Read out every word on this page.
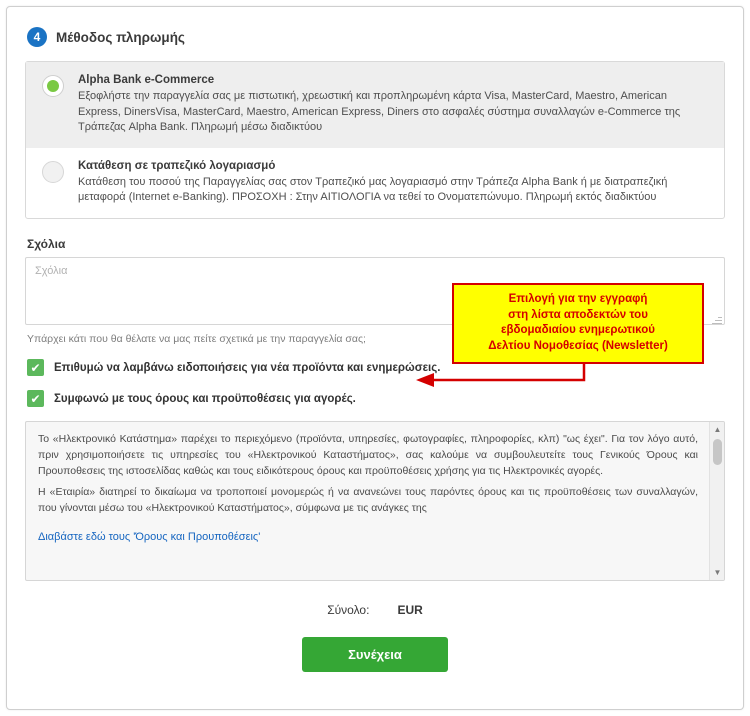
4	Μέθοδος πληρωμής
Alpha Bank e-Commerce
Εξοφλήστε την παραγγελία σας με πιστωτική, χρεωστική και προπληρωμένη κάρτα Visa, MasterCard, Maestro, American Express, DinersVisa, MasterCard, Maestro, American Express, Diners στο ασφαλές σύστημα συναλλαγών e-Commerce της Τράπεζας Alpha Bank. Πληρωμή μέσω διαδικτύου
Κατάθεση σε τραπεζικό λογαριασμό
Κατάθεση του ποσού της Παραγγελίας σας στον Τραπεζικό μας λογαριασμό στην Τράπεζα Alpha Bank ή με διατραπεζική μεταφορά (Internet e-Banking). ΠΡΟΣΟΧΗ : Στην ΑΙΤΙΟΛΟΓΙΑ να τεθεί το Ονοματεπώνυμο. Πληρωμή εκτός διαδικτύου
Σχόλια
Σχόλια
Υπάρχει κάτι που θα θέλατε να μας πείτε σχετικά με την παραγγελία σας;
✔	Επιθυμώ να λαμβάνω ειδοποιήσεις για νέα προϊόντα και ενημερώσεις.
✔	Συμφωνώ με τους όρους και προϋποθέσεις για αγορές.

Το «Ηλεκτρονικό Κατάστημα» παρέχει το περιεχόμενο (προϊόντα, υπηρεσίες, φωτογραφίες, πληροφορίες, κλπ) "ως έχει". Για τον λόγο αυτό, πριν χρησιμοποιήσετε τις υπηρεσίες του «Ηλεκτρονικού Καταστήματος», σας καλούμε να συμβουλευτείτε τους Γενικούς Όρους και Προυποθεσεις της ιστοσελίδας καθώς και τους ειδικότερους όρους και προϋποθέσεις χρήσης για τις Ηλεκτρονικές αγορές.

Η «Εταιρία» διατηρεί το δικαίωμα να τροποποιεί μονομερώς ή να ανανεώνει τους παρόντες όρους και τις προϋποθέσεις των συναλλαγών, που γίνονται μέσω του «Ηλεκτρονικού Καταστήματος», σύμφωνα με τις ανάγκες της

Διαβάστε εδώ τους 'Όρους και Προυποθέσεις'
▲
▼
Σύνολο: EUR
Συνέχεια
Επιλογή για την εγγραφή
στη λίστα αποδεκτών του
εβδομαδιαίου ενημερωτικού
Δελτίου Νομοθεσίας (Newsletter)
